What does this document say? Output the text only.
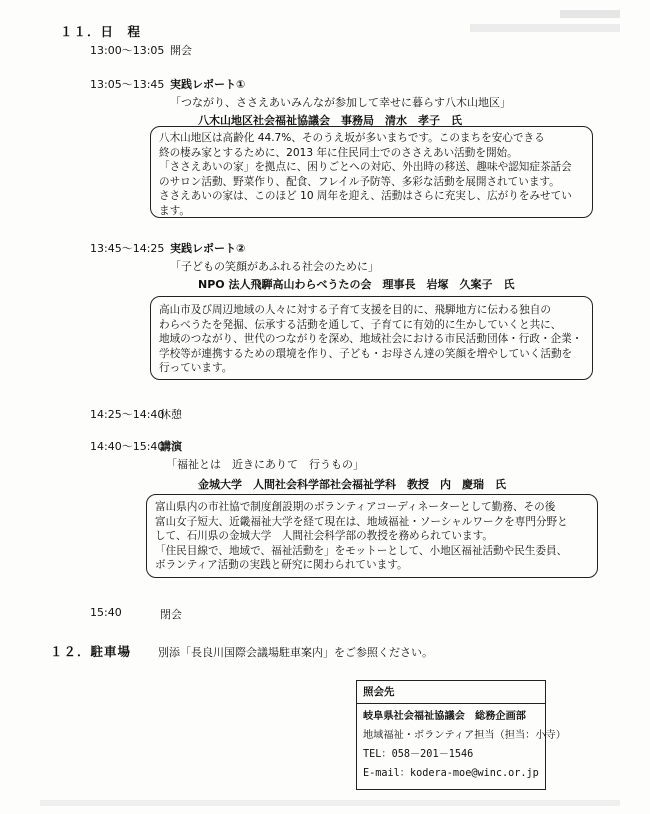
１１．日　程
13:00～13:05 開会
13:05～13:45 実践レポート①
「つながり、ささえあいみんなが参加して幸せに暮らす八木山地区」
八木山地区社会福祉協議会　事務局　清水　孝子　氏

八木山地区は高齢化 44.7%、そのうえ坂が多いまちです。このまちを安心できる

終の棲み家とするために、2013 年に住民同士でのささえあい活動を開始。

「ささえあいの家」を拠点に、困りごとへの対応、外出時の移送、趣味や認知症茶話会

のサロン活動、野菜作り、配食、フレイル予防等、多彩な活動を展開されています。

ささえあいの家は、このほど 10 周年を迎え、活動はさらに充実し、広がりをみせてい

ます。

13:45～14:25 実践レポート②
「子どもの笑顔があふれる社会のために」
NPO 法人飛騨高山わらべうたの会　理事長　岩塚　久案子　氏

高山市及び周辺地域の人々に対する子育て支援を目的に、飛騨地方に伝わる独自の

わらべうたを発掘、伝承する活動を通して、子育てに有効的に生かしていくと共に、

地域のつながり、世代のつながりを深め、地域社会における市民活動団体・行政・企業・

学校等が連携するための環境を作り、子ども・お母さん達の笑顔を増やしていく活動を

行っています。

14:25～14:40
休憩
14:40～15:40
講演
「福祉とは　近きにありて　行うもの」
金城大学　人間社会科学部社会福祉学科　教授　内　慶瑞　氏

富山県内の市社協で制度創設期のボランティアコーディネーターとして勤務、その後

富山女子短大、近畿福祉大学を経て現在は、地域福祉・ソーシャルワークを専門分野と

して、石川県の金城大学　人間社会科学部の教授を務められています。

「住民目線で、地域で、福祉活動を」をモットーとして、小地区福祉活動や民生委員、

ボランティア活動の実践と研究に関わられています。

15:40	閉会
１２．駐車場 別添「長良川国際会議場駐車案内」をご参照ください。
照会先
岐阜県社会福祉協議会　総務企画部
地域福祉・ボランティア担当（担当：小寺）
TEL：058－201－1546
E-mail：kodera-moe@winc.or.jp
